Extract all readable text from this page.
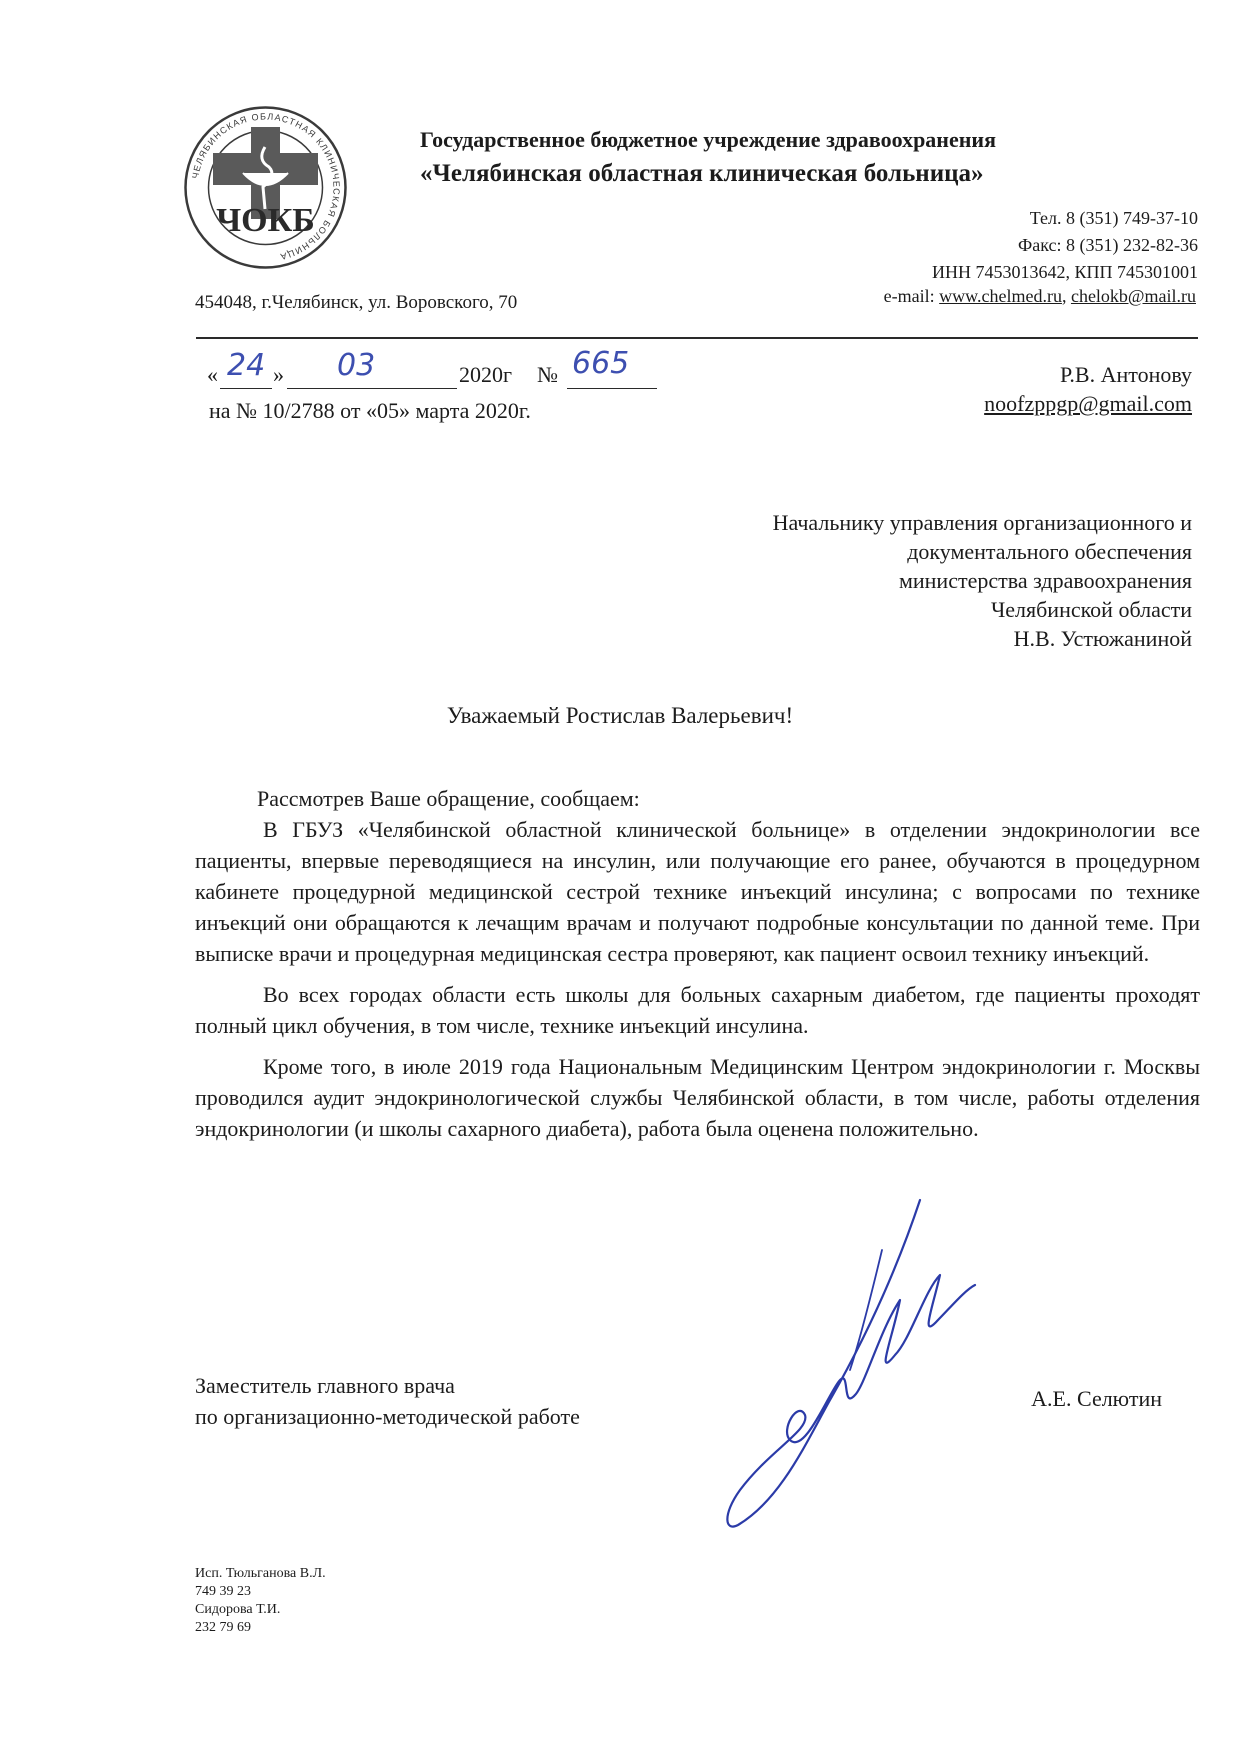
ЧЕЛЯБИНСКАЯ ОБЛАСТНАЯ КЛИНИЧЕСКАЯ БОЛЬНИЦА
ЧОКБ
Государственное бюджетное учреждение здравоохранения
«Челябинская областная клиническая больница»
Тел. 8 (351) 749-37-10
Факс: 8 (351) 232-82-36
ИНН 7453013642, КПП 745301001
454048, г.Челябинск, ул. Воровского, 70	e-mail: www.chelmed.ru, chelokb@mail.ru
« 24 » 03	2020г № 665
на № 10/2788 от «05» марта 2020г.
Р.В. Антонову
noofzppgp@gmail.com
Начальнику управления организационного и
документального обеспечения
министерства здравоохранения
Челябинской области
Н.В. Устюжаниной
Уважаемый Ростислав Валерьевич!

Рассмотрев Ваше обращение, сообщаем:

В ГБУЗ «Челябинской областной клинической больнице» в отделении эндокринологии все пациенты, впервые переводящиеся на инсулин, или получающие его ранее, обучаются в процедурном кабинете процедурной медицинской сестрой технике инъекций инсулина; с вопросами по технике инъекций они обращаются к лечащим врачам и получают подробные консультации по данной теме. При выписке врачи и процедурная медицинская сестра проверяют, как пациент освоил технику инъекций.

Во всех городах области есть школы для больных сахарным диабетом, где пациенты проходят полный цикл обучения, в том числе, технике инъекций инсулина.

Кроме того, в июле 2019 года Национальным Медицинским Центром эндокринологии г. Москвы проводился аудит эндокринологической службы Челябинской области, в том числе, работы отделения эндокринологии (и школы сахарного диабета), работа была оценена положительно.

Заместитель главного врача
по организационно-методической работе
А.Е. Селютин
Исп. Тюльганова В.Л.
749 39 23
Сидорова Т.И.
232 79 69
